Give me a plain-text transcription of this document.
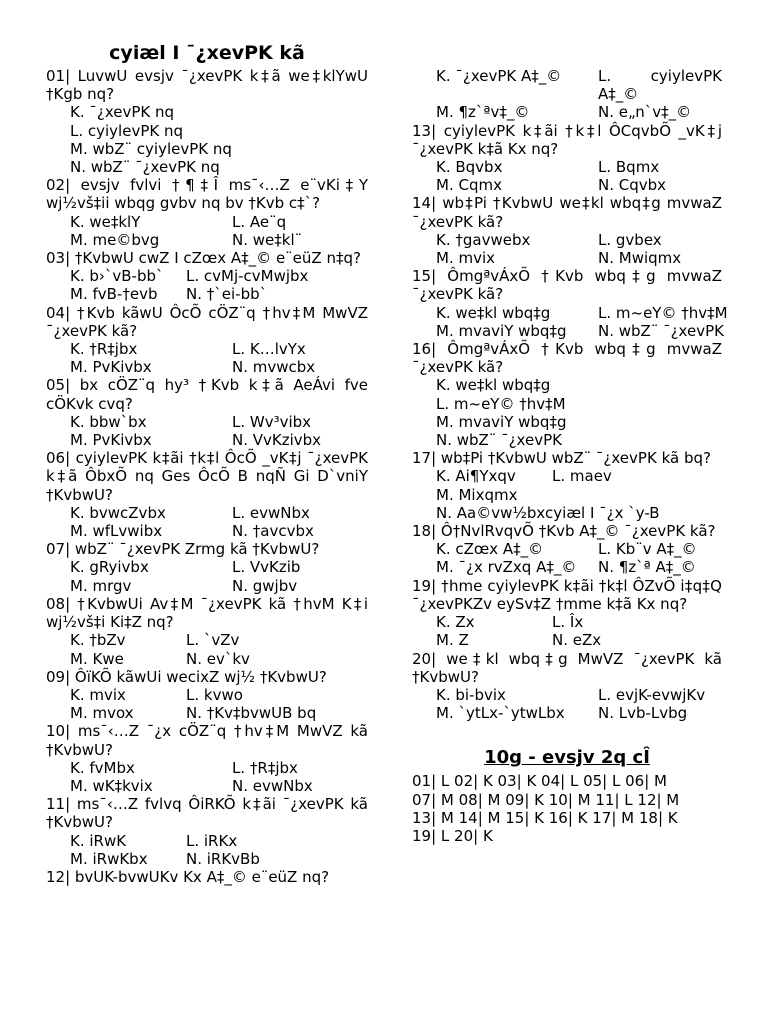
cyiæl I ¯¿xevPK kã
01| LuvwU evsjv ¯¿xevPK k‡ã we‡klYwU †Kgb nq?
K. ¯¿xevPK nq
L. cyiylevPK nq
M. wbZ¨ cyiylevPK nq
N. wbZ¨ ¯¿xevPK nq
02| evsjv fvlvi †¶‡Î ms¯‹…Z e¨vKi‡Y wj½vš‡ii wbqg gvbv nq bv †Kvb c‡`?
K. we‡klY	L. Ae¨q
M. me©bvg	N. we‡kl¨
03| †KvbwU cwZ I cZœx A‡_© e¨eüZ n‡q?
K. b›`vB-bb`	L. cvMj-cvMwjbx
M. fvB-†evb	N. †`ei-bb`
04| †Kvb kãwU ÔcÕ cÖZ¨q †hv‡M MwVZ ¯¿xevPK kã?
K. †R‡jbx	L. K…lvYx
M. PvKivbx	N. mvwcbx
05| bx cÖZ¨q hy³ †Kvb k‡ã AeÁvi fve cÖKvk cvq?
K. bbw`bx	L. Wv³vibx
M. PvKivbx	N. VvKzivbx
06| cyiylevPK k‡ãi †k‡l ÔcÕ _vK‡j ¯¿xevPK k‡ã ÔbxÕ nq Ges ÔcÕ B nqÑ Gi D`vniY †KvbwU?
K. bvwcZvbx	L. evwNbx
M. wfLvwibx	N. †avcvbx
07| wbZ¨ ¯¿xevPK Zrmg kã †KvbwU?
K. gRyivbx	L. VvKzib
M. mrgv	N. gwjbv
08| †KvbwUi Av‡M ¯¿xevPK kã †hvM K‡i wj½vš‡i Ki‡Z nq?
K. †bZv	L. `vZv
M. Kwe	N. ev`kv
09| ÔïKÕ kãwUi wecixZ wj½ †KvbwU?
K. mvix	L. kvwo
M. mvox	N. †Kv‡bvwUB bq
10| ms¯‹…Z ¯¿x cÖZ¨q †hv‡M MwVZ kã †KvbwU?
K. fvMbx	L. †R‡jbx
M. wK‡kvix	N. evwNbx
11| ms¯‹…Z fvlvq ÔiRKÕ k‡ãi ¯¿xevPK kã †KvbwU?
K. iRwK	L. iRKx
M. iRwKbx	N. iRKvBb
12| bvUK-bvwUKv Kx A‡_© e¨eüZ nq?
K. ¯¿xevPK A‡_©	L. cyiylevPK A‡_©
M. ¶z`ªv‡_©	N. e„n`v‡_©
13| cyiylevPK k‡ãi †k‡l ÔCqvbÕ _vK‡j ¯¿xevPK k‡ã Kx nq?
K. Bqvbx	L. Bqmx
M. Cqmx	N. Cqvbx
14| wb‡Pi †KvbwU we‡kl wbq‡g mvwaZ ¯¿xevPK kã?
K. †gavwebx	L. gvbex
M. mvix	N. Mwiqmx
15| ÔmgªvÁxÕ †Kvb wbq‡g mvwaZ ¯¿xevPK kã?
K. we‡kl wbq‡g	L. m~eY© †hv‡M
M. mvaviY wbq‡g	N. wbZ¨ ¯¿xevPK
16| ÔmgªvÁxÕ †Kvb wbq‡g mvwaZ ¯¿xevPK kã?
K. we‡kl wbq‡g
L. m~eY© †hv‡M
M. mvaviY wbq‡g
N. wbZ¨ ¯¿xevPK
17| wb‡Pi †KvbwU wbZ¨ ¯¿xevPK kã bq?
K. Ai¶Yxqv	L. maev
M. Mixqmx
N. Aa©vw½bxcyiæl I ¯¿x `y-B
18| Ô†NvlRvqvÕ †Kvb A‡_© ¯¿xevPK kã?
K. cZœx A‡_©	L. Kb¨v A‡_©
M. ¯¿x rvZxq A‡_©	N. ¶z`ª A‡_©
19| †hme cyiylevPK k‡ãi †k‡l ÔZvÕ i‡q‡Q ¯¿xevPKZv eySv‡Z †mme k‡ã Kx nq?
K. Zx	L. Îx
M. Z	N. eZx
20| we‡kl wbq‡g MwVZ ¯¿xevPK kã †KvbwU?
K. bi-bvix	L. evjK-evwjKv
M. `ytLx-`ytwLbx	N. Lvb-Lvbg
10g - evsjv 2q cÎ
01| L 02| K 03| K 04| L 05| L 06| M
07| M 08| M 09| K 10| M 11| L 12| M
13| M 14| M 15| K 16| K 17| M 18| K
19| L 20| K
